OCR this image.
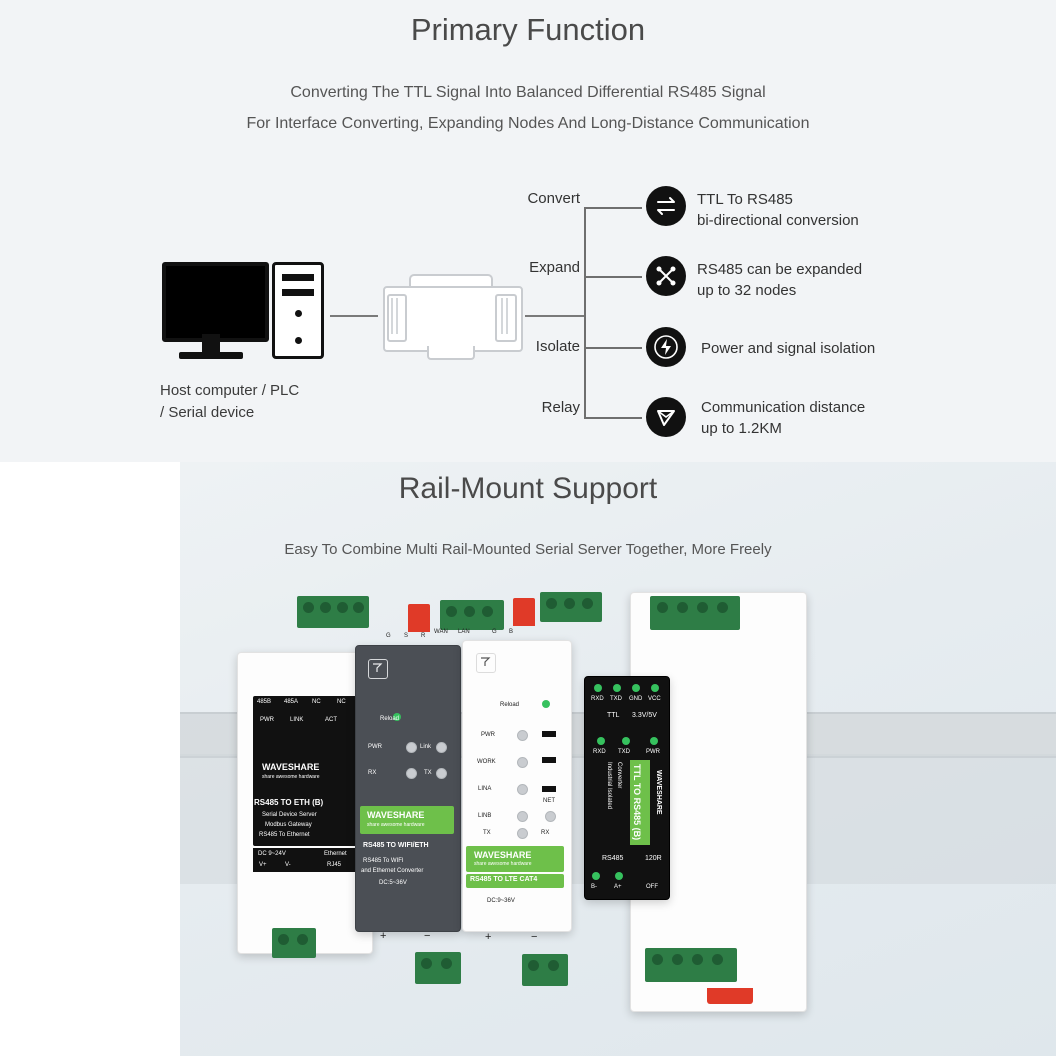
Primary Function
Converting The TTL Signal Into Balanced Differential RS485 Signal
For Interface Converting, Expanding Nodes And Long-Distance Communication
Host computer / PLC
/ Serial device
Convert	TTL To RS485
bi-directional conversion
Expand	RS485 can be expanded
up to 32 nodes
Isolate	Power and signal isolation
Relay	Communication distance
up to 1.2KM
Rail-Mount Support
Easy To Combine Multi Rail-Mounted Serial Server Together, More Freely
485B 485A NC	NC
PWR	LINK	ACT
WAVESHARE
share awesome hardware
RS485 TO ETH (B)
Serial Device Server
Modbus Gateway
RS485 To Ethernet
DC 9~24V	Ethernet
V+	V-	RJ45
G S R
Reload
PWR	Link
RX	TX
WAVESHARE
share awesome hardware
RS485 TO WIFI/ETH
RS485 To WIFI
and Ethernet Converter
DC:5~36V
+	−
WAN LAN	G B
Reload
PWR
WORK
LINA
LINB
TX
NET
RX
WAVESHARE
share awesome hardware
RS485 TO LTE CAT4
DC:9~36V
+	−
RXD TXD GND VCC
TTL 3.3V/5V
RXD TXD	PWR
TTL TO RS485 (B)
Industrial Isolated Converter	WAVESHARE
RS485	120R
B-	A+	OFF
